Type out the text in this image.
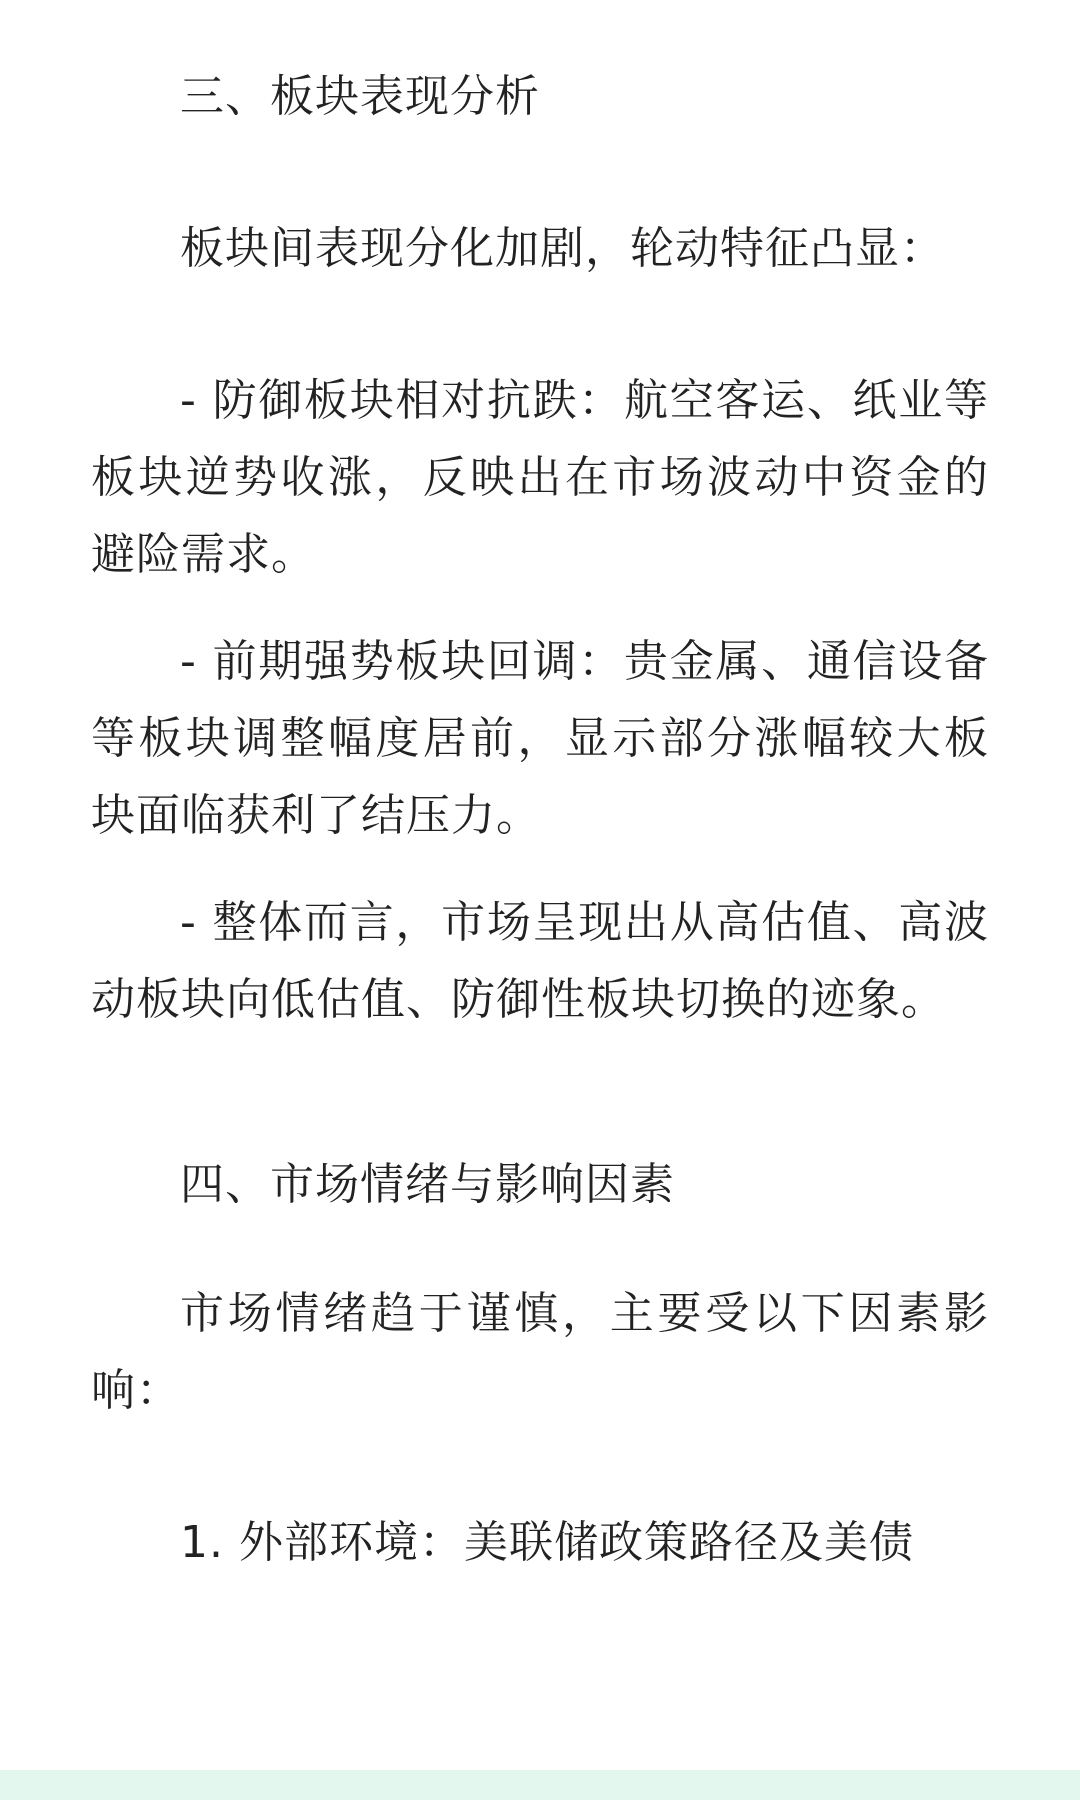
三、板块表现分析

板块间表现分化加剧，轮动特征凸显：

- 防御板块相对抗跌：航空客运、纸业等板块逆势收涨，反映出在市场波动中资金的避险需求。

- 前期强势板块回调：贵金属、通信设备等板块调整幅度居前，显示部分涨幅较大板块面临获利了结压力。

- 整体而言，市场呈现出从高估值、高波动板块向低估值、防御性板块切换的迹象。

四、市场情绪与影响因素

市场情绪趋于谨慎，主要受以下因素影响：

1. 外部环境：美联储政策路径及美债
